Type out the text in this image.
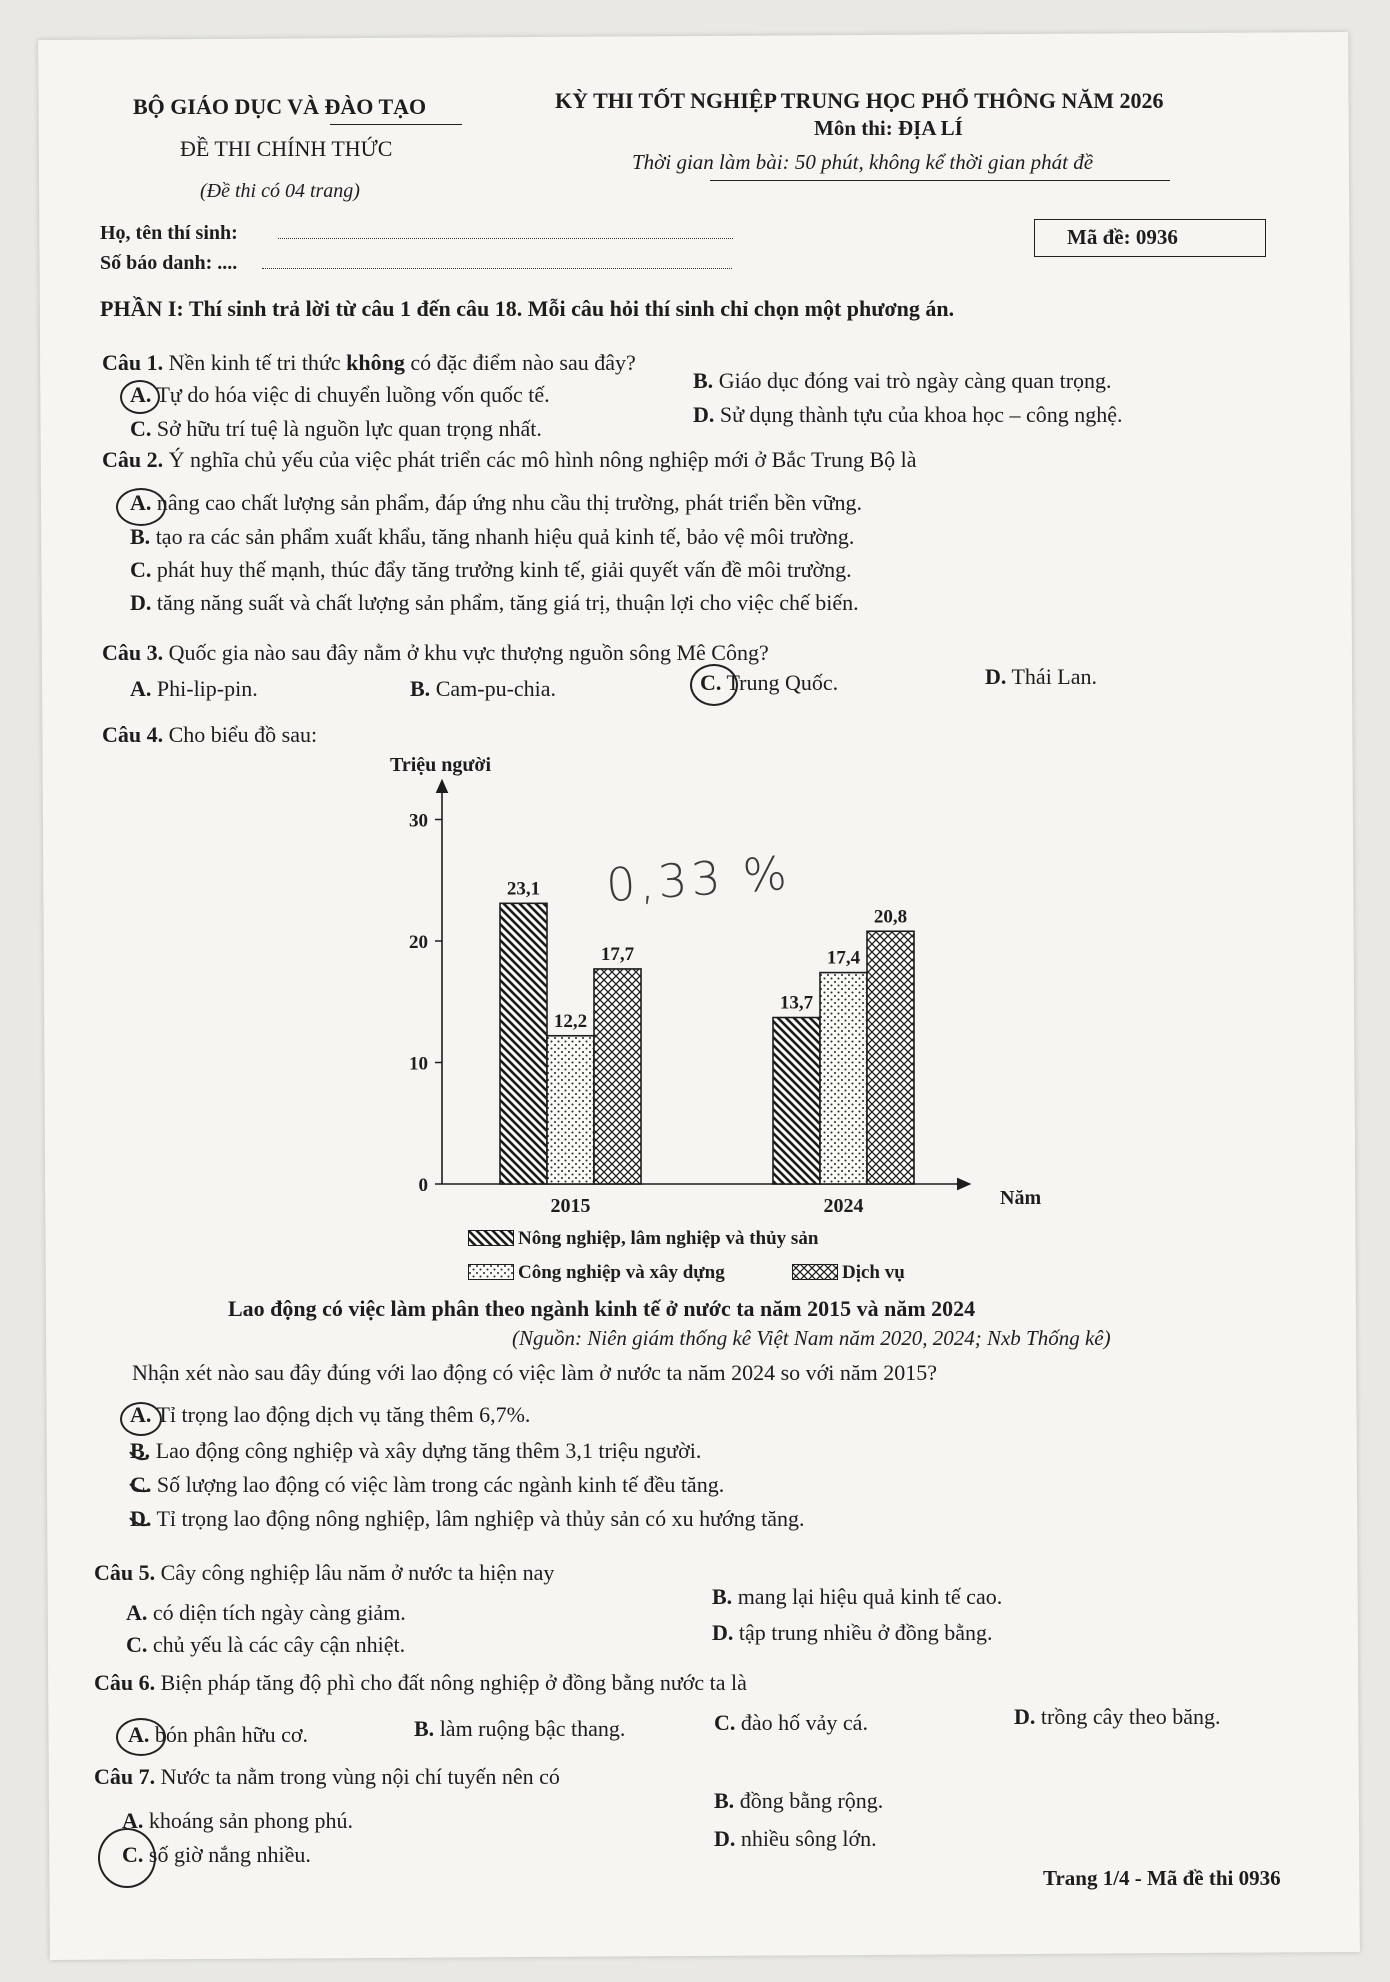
BỘ GIÁO DỤC VÀ ĐÀO TẠO
ĐỀ THI CHÍNH THỨC
(Đề thi có 04 trang)
KỲ THI TỐT NGHIỆP TRUNG HỌC PHỔ THÔNG NĂM 2026
Môn thi: ĐỊA LÍ
Thời gian làm bài: 50 phút, không kể thời gian phát đề
Họ, tên thí sinh:
Số báo danh: ....
Mã đề: 0936
PHẦN I: Thí sinh trả lời từ câu 1 đến câu 18. Mỗi câu hỏi thí sinh chỉ chọn một phương án.
Câu 1. Nền kinh tế tri thức không có đặc điểm nào sau đây?
A. Tự do hóa việc di chuyển luồng vốn quốc tế.
B. Giáo dục đóng vai trò ngày càng quan trọng.
C. Sở hữu trí tuệ là nguồn lực quan trọng nhất.
D. Sử dụng thành tựu của khoa học – công nghệ.
Câu 2. Ý nghĩa chủ yếu của việc phát triển các mô hình nông nghiệp mới ở Bắc Trung Bộ là
A. nâng cao chất lượng sản phẩm, đáp ứng nhu cầu thị trường, phát triển bền vững.
B. tạo ra các sản phẩm xuất khẩu, tăng nhanh hiệu quả kinh tế, bảo vệ môi trường.
C. phát huy thế mạnh, thúc đẩy tăng trưởng kinh tế, giải quyết vấn đề môi trường.
D. tăng năng suất và chất lượng sản phẩm, tăng giá trị, thuận lợi cho việc chế biến.
Câu 3. Quốc gia nào sau đây nằm ở khu vực thượng nguồn sông Mê Công?
A. Phi-lip-pin.	B. Cam-pu-chia.	C. Trung Quốc.	D. Thái Lan.
Câu 4. Cho biểu đồ sau:
Triệu người
Năm
0
10
20
30
23,1
12,2
17,7
2015
13,7
17,4
20,8
2024
Nông nghiệp, lâm nghiệp và thủy sản
Công nghiệp và xây dựng	Dịch vụ
Lao động có việc làm phân theo ngành kinh tế ở nước ta năm 2015 và năm 2024
(Nguồn: Niên giám thống kê Việt Nam năm 2020, 2024; Nxb Thống kê)
Nhận xét nào sau đây đúng với lao động có việc làm ở nước ta năm 2024 so với năm 2015?
A. Tỉ trọng lao động dịch vụ tăng thêm 6,7%.
B. Lao động công nghiệp và xây dựng tăng thêm 3,1 triệu người.
C. Số lượng lao động có việc làm trong các ngành kinh tế đều tăng.
D. Tỉ trọng lao động nông nghiệp, lâm nghiệp và thủy sản có xu hướng tăng.
Câu 5. Cây công nghiệp lâu năm ở nước ta hiện nay
A. có diện tích ngày càng giảm.
B. mang lại hiệu quả kinh tế cao.
C. chủ yếu là các cây cận nhiệt.	D. tập trung nhiều ở đồng bằng.
Câu 6. Biện pháp tăng độ phì cho đất nông nghiệp ở đồng bằng nước ta là
A. bón phân hữu cơ.	B. làm ruộng bậc thang.	C. đào hố vảy cá.	D. trồng cây theo băng.
Câu 7. Nước ta nằm trong vùng nội chí tuyến nên có
A. khoáng sản phong phú.
B. đồng bằng rộng.
C. số giờ nắng nhiều.
D. nhiều sông lớn.
Trang 1/4 - Mã đề thi 0936
0,33 %
